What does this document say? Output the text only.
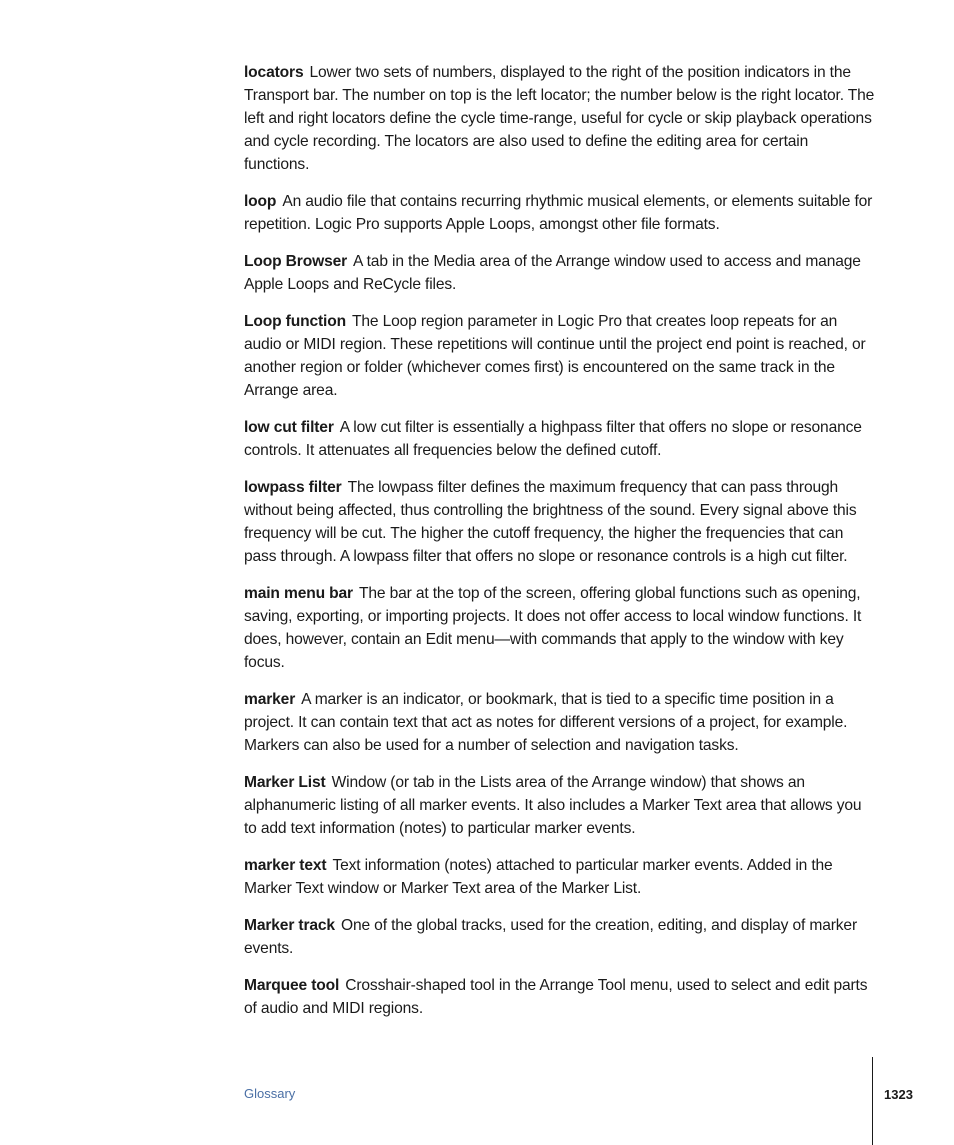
locators Lower two sets of numbers, displayed to the right of the position indicators in the Transport bar. The number on top is the left locator; the number below is the right locator. The left and right locators define the cycle time-range, useful for cycle or skip playback operations and cycle recording. The locators are also used to define the editing area for certain functions.

loop An audio file that contains recurring rhythmic musical elements, or elements suitable for repetition. Logic Pro supports Apple Loops, amongst other file formats.

Loop Browser A tab in the Media area of the Arrange window used to access and manage Apple Loops and ReCycle files.

Loop function The Loop region parameter in Logic Pro that creates loop repeats for an audio or MIDI region. These repetitions will continue until the project end point is reached, or another region or folder (whichever comes first) is encountered on the same track in the Arrange area.

low cut filter A low cut filter is essentially a highpass filter that offers no slope or resonance controls. It attenuates all frequencies below the defined cutoff.

lowpass filter The lowpass filter defines the maximum frequency that can pass through without being affected, thus controlling the brightness of the sound. Every signal above this frequency will be cut. The higher the cutoff frequency, the higher the frequencies that can pass through. A lowpass filter that offers no slope or resonance controls is a high cut filter.

main menu bar The bar at the top of the screen, offering global functions such as opening, saving, exporting, or importing projects. It does not offer access to local window functions. It does, however, contain an Edit menu—with commands that apply to the window with key focus.

marker A marker is an indicator, or bookmark, that is tied to a specific time position in a project. It can contain text that act as notes for different versions of a project, for example. Markers can also be used for a number of selection and navigation tasks.

Marker List Window (or tab in the Lists area of the Arrange window) that shows an alphanumeric listing of all marker events. It also includes a Marker Text area that allows you to add text information (notes) to particular marker events.

marker text Text information (notes) attached to particular marker events. Added in the Marker Text window or Marker Text area of the Marker List.

Marker track One of the global tracks, used for the creation, editing, and display of marker events.

Marquee tool Crosshair-shaped tool in the Arrange Tool menu, used to select and edit parts of audio and MIDI regions.

Glossary	1323
